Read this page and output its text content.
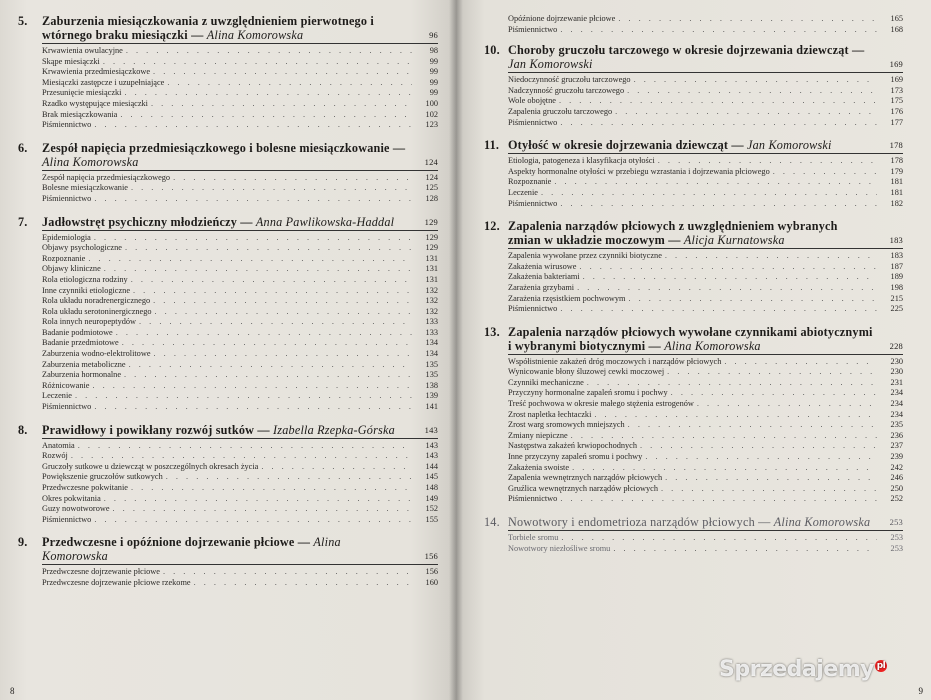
5.	Zaburzenia miesiączkowania z uwzględnieniem pierwotnego i wtórnego braku miesiączki — Alina Komorowska	96
Krwawienia owulacyjne . . .	98
Skąpe miesiączki . . .	99
Krwawienia przedmiesiączkowe . . .	99
Miesiączki zastępcze i uzupełniające . . .	99
Przesunięcie miesiączki . . .	99
Rzadko występujące miesiączki . . .	100
Brak miesiączkowania . . .	102
Piśmiennictwo . . .	123
6.	Zespół napięcia przedmiesiączkowego i bolesne miesiączkowanie — Alina Komorowska	124
Zespół napięcia przedmiesiączkowego . . .	124
Bolesne miesiączkowanie . . .	125
Piśmiennictwo . . .	128
7.	Jadłowstręt psychiczny młodzieńczy — Anna Pawlikowska-Haddal	129
Epidemiologia . . .	129
Objawy psychologiczne . . .	129
Rozpoznanie . . .	131
Objawy kliniczne . . .	131
Rola etiologiczna rodziny . . .	131
Inne czynniki etiologiczne . . .	132
Rola układu noradrenergicznego . . .	132
Rola układu serotoninergicznego . . .	132
Rola innych neuropeptydów . . .	133
Badanie podmiotowe . . .	133
Badanie przedmiotowe . . .	134
Zaburzenia wodno-elektrolitowe . . .	134
Zaburzenia metaboliczne . . .	135
Zaburzenia hormonalne . . .	135
Różnicowanie . . .	138
Leczenie . . .	139
Piśmiennictwo . . .	141
8.	Prawidłowy i powikłany rozwój sutków — Izabella Rzepka-Górska	143
Anatomia . . .	143
Rozwój . . .	143
Gruczoły sutkowe u dziewcząt w poszczególnych okresach życia . . .	144
Powiększenie gruczołów sutkowych . . .	145
Przedwczesne pokwitanie . . .	148
Okres pokwitania . . .	149
Guzy nowotworowe . . .	152
Piśmiennictwo . . .	155
9.	Przedwczesne i opóźnione dojrzewanie płciowe — Alina Komorowska	156
Przedwczesne dojrzewanie płciowe . . .	156
Przedwczesne dojrzewanie płciowe rzekome . . .	160
Opóźnione dojrzewanie płciowe . . .	165
Piśmiennictwo . . .	168
10. Choroby gruczołu tarczowego w okresie dojrzewania dziewcząt — Jan Komorowski	169
Niedoczynność gruczołu tarczowego . . .	169
Nadczynność gruczołu tarczowego . . .	173
Wole obojętne . . .	175
Zapalenia gruczołu tarczowego . . .	176
Piśmiennictwo . . .	177
11. Otyłość w okresie dojrzewania dziewcząt — Jan Komorowski	178
Etiologia, patogeneza i klasyfikacja otyłości . . .	178
Aspekty hormonalne otyłości w przebiegu wzrastania i dojrzewania płciowego . . .	179
Rozpoznanie . . .	181
Leczenie . . .	181
Piśmiennictwo . . .	182
12. Zapalenia narządów płciowych z uwzględnieniem wybranych zmian w układzie moczowym — Alicja Kurnatowska	183
Zapalenia wywołane przez czynniki biotyczne . . .	183
Zakażenia wirusowe . . .	187
Zakażenia bakteriami . . .	189
Zarażenia grzybami . . .	198
Zarażenia rzęsistkiem pochwowym . . .	215
Piśmiennictwo . . .	225
13. Zapalenia narządów płciowych wywołane czynnikami abiotycznymi i wybranymi biotycznymi — Alina Komorowska	228
Współistnienie zakażeń dróg moczowych i narządów płciowych . . .	230
Wynicowanie błony śluzowej cewki moczowej . . .	230
Czynniki mechaniczne . . .	231
Przyczyny hormonalne zapaleń sromu i pochwy . . .	234
Treść pochwowa w okresie małego stężenia estrogenów . . .	234
Zrost napletka łechtaczki . . .	234
Zrost warg sromowych mniejszych . . .	235
Zmiany niepiczne . . .	236
Następstwa zakażeń krwiopochodnych . . .	237
Inne przyczyny zapaleń sromu i pochwy . . .	239
Zakażenia swoiste . . .	242
Zapalenia wewnętrznych narządów płciowych . . .	246
Gruźlica wewnętrznych narządów płciowych . . .	250
Piśmiennictwo . . .	252
14. Nowotwory i endometrioza narządów płciowych — Alina Komorowska	253
Torbiele sromu . . .	253
Nowotwory niezłośliwe sromu . . .	253
8	9
Sprzedajemy pl
